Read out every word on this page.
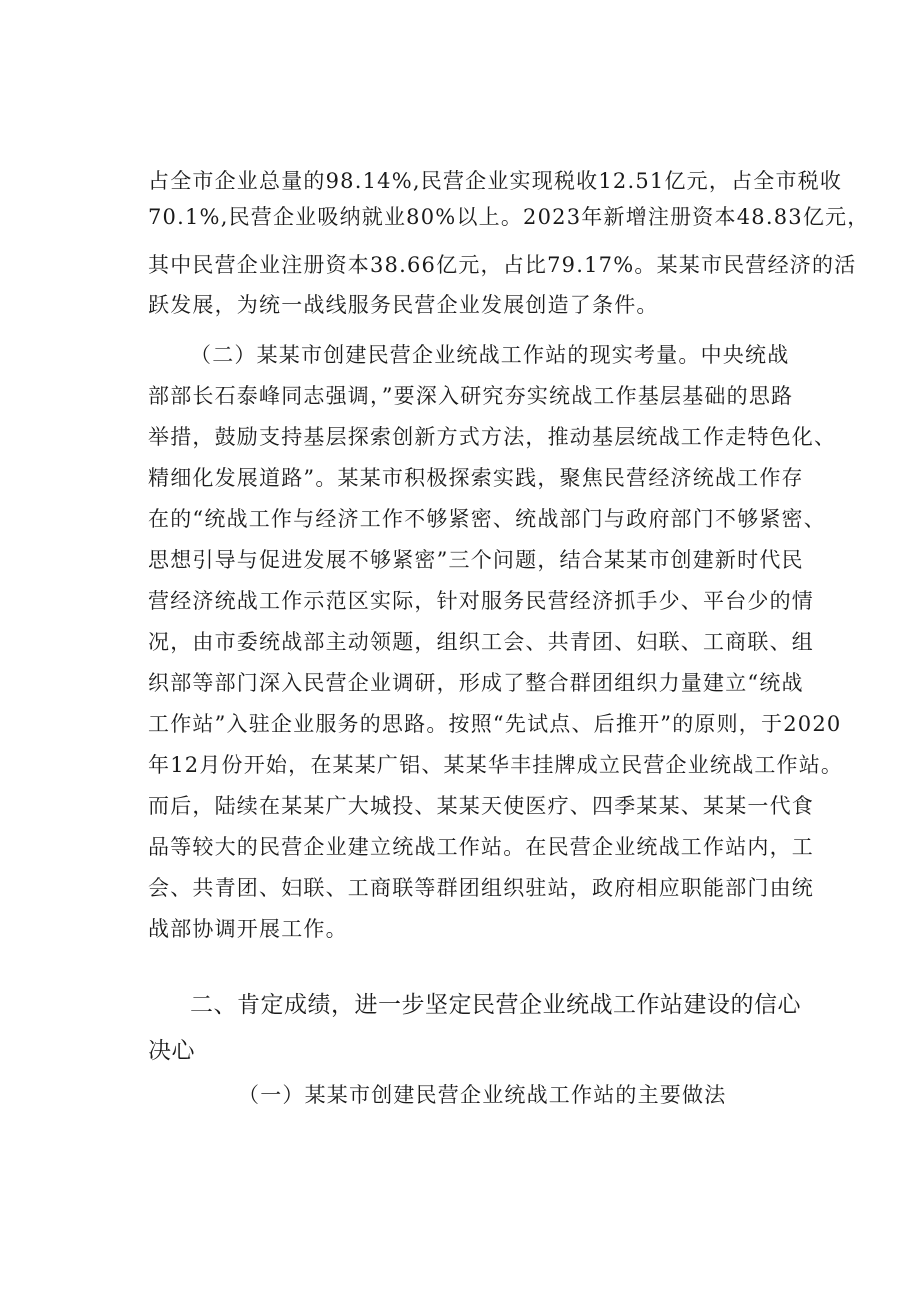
占全市企业总量的98.14%,民营企业实现税收12.51亿元，占全市税收
70.1%,民营企业吸纳就业80%以上。2023年新增注册资本48.83亿元，
其中民营企业注册资本38.66亿元，占比79.17%。某某市民营经济的活
跃发展，为统一战线服务民营企业发展创造了条件。
（二）某某市创建民营企业统战工作站的现实考量。中央统战
部部长石泰峰同志强调，”要深入研究夯实统战工作基层基础的思路
举措，鼓励支持基层探索创新方式方法，推动基层统战工作走特色化、
精细化发展道路”。某某市积极探索实践，聚焦民营经济统战工作存
在的“统战工作与经济工作不够紧密、统战部门与政府部门不够紧密、
思想引导与促进发展不够紧密”三个问题，结合某某市创建新时代民
营经济统战工作示范区实际，针对服务民营经济抓手少、平台少的情
况，由市委统战部主动领题，组织工会、共青团、妇联、工商联、组
织部等部门深入民营企业调研，形成了整合群团组织力量建立“统战
工作站”入驻企业服务的思路。按照“先试点、后推开”的原则，于2020
年12月份开始，在某某广铝、某某华丰挂牌成立民营企业统战工作站。
而后，陆续在某某广大城投、某某天使医疗、四季某某、某某一代食
品等较大的民营企业建立统战工作站。在民营企业统战工作站内，工
会、共青团、妇联、工商联等群团组织驻站，政府相应职能部门由统
战部协调开展工作。
二、肯定成绩，进一步坚定民营企业统战工作站建设的信心
决心
（一）某某市创建民营企业统战工作站的主要做法
